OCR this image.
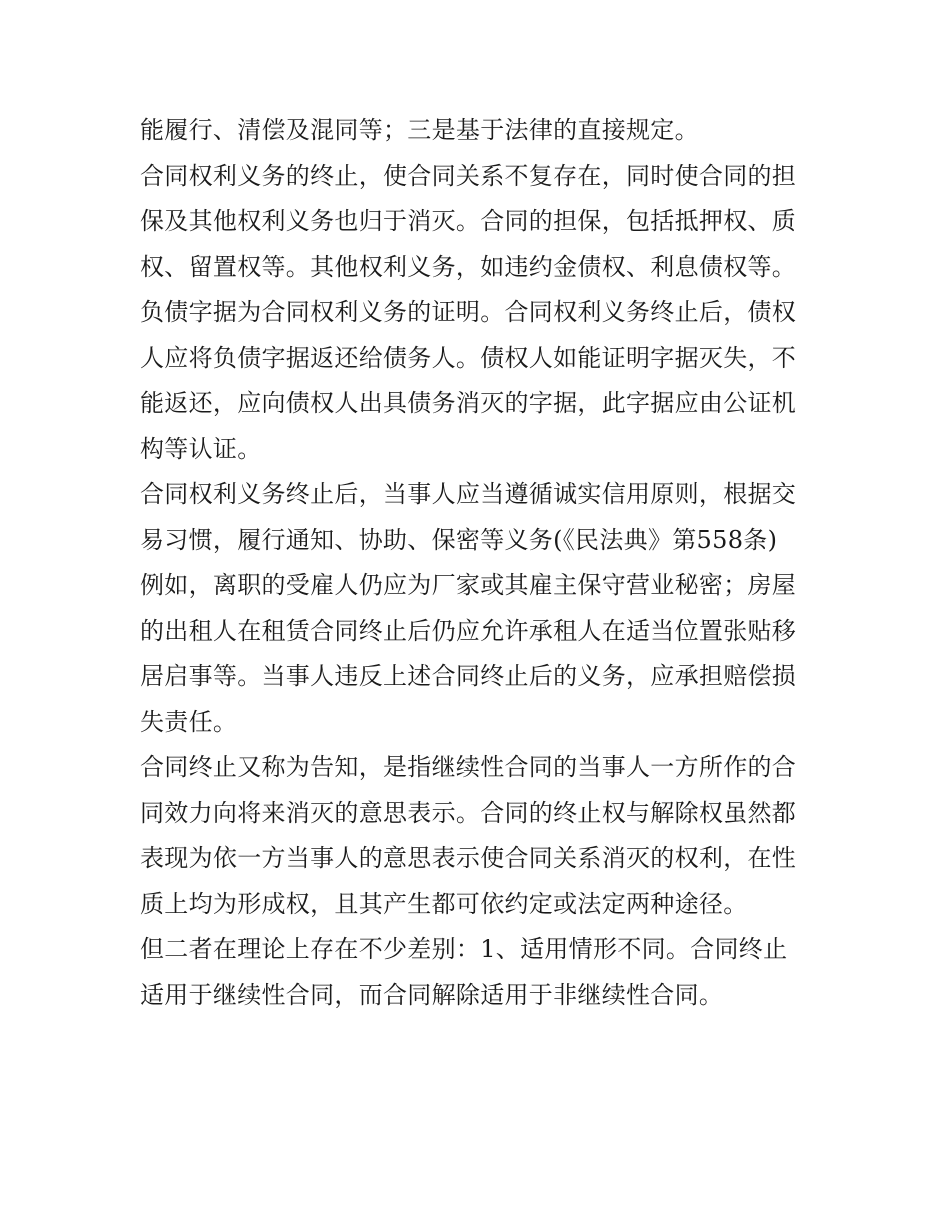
能履行、清偿及混同等；三是基于法律的直接规定。
合同权利义务的终止，使合同关系不复存在，同时使合同的担
保及其他权利义务也归于消灭。合同的担保，包括抵押权、质
权、留置权等。其他权利义务，如违约金债权、利息债权等。
负债字据为合同权利义务的证明。合同权利义务终止后，债权
人应将负债字据返还给债务人。债权人如能证明字据灭失，不
能返还，应向债权人出具债务消灭的字据，此字据应由公证机
构等认证。
合同权利义务终止后，当事人应当遵循诚实信用原则，根据交
易习惯，履行通知、协助、保密等义务(《民法典》第558条)
例如，离职的受雇人仍应为厂家或其雇主保守营业秘密；房屋
的出租人在租赁合同终止后仍应允许承租人在适当位置张贴移
居启事等。当事人违反上述合同终止后的义务，应承担赔偿损
失责任。
合同终止又称为告知，是指继续性合同的当事人一方所作的合
同效力向将来消灭的意思表示。合同的终止权与解除权虽然都
表现为依一方当事人的意思表示使合同关系消灭的权利，在性
质上均为形成权，且其产生都可依约定或法定两种途径。
但二者在理论上存在不少差别：1、适用情形不同。合同终止
适用于继续性合同，而合同解除适用于非继续性合同。
